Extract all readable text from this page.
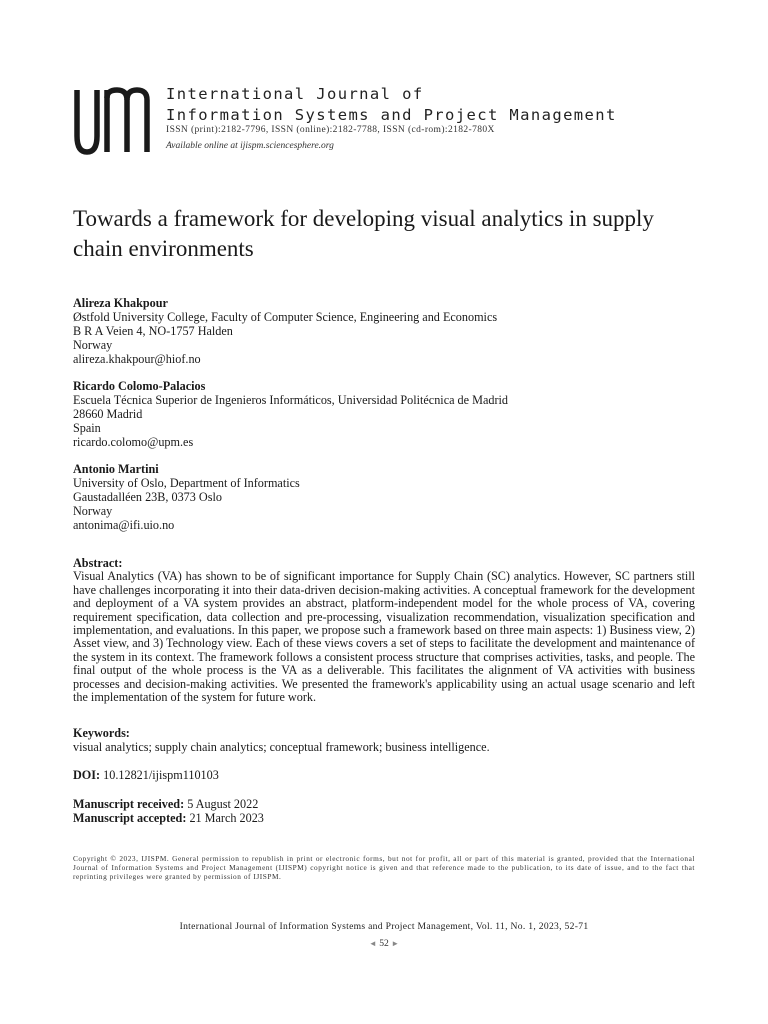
International Journal of
Information Systems and Project Management
ISSN (print):2182-7796, ISSN (online):2182-7788, ISSN (cd-rom):2182-780X
Available online at ijispm.sciencesphere.org
Towards a framework for developing visual analytics in supply chain environments
Alireza Khakpour
Østfold University College, Faculty of Computer Science, Engineering and Economics
B R A Veien 4, NO-1757 Halden
Norway
alireza.khakpour@hiof.no
Ricardo Colomo-Palacios
Escuela Técnica Superior de Ingenieros Informáticos, Universidad Politécnica de Madrid
28660 Madrid
Spain
ricardo.colomo@upm.es
Antonio Martini
University of Oslo, Department of Informatics
Gaustadalléen 23B, 0373 Oslo
Norway
antonima@ifi.uio.no
Abstract:
Visual Analytics (VA) has shown to be of significant importance for Supply Chain (SC) analytics. However, SC partners still have challenges incorporating it into their data-driven decision-making activities. A conceptual framework for the development and deployment of a VA system provides an abstract, platform-independent model for the whole process of VA, covering requirement specification, data collection and pre-processing, visualization recommendation, visualization specification and implementation, and evaluations. In this paper, we propose such a framework based on three main aspects: 1) Business view, 2) Asset view, and 3) Technology view. Each of these views covers a set of steps to facilitate the development and maintenance of the system in its context. The framework follows a consistent process structure that comprises activities, tasks, and people. The final output of the whole process is the VA as a deliverable. This facilitates the alignment of VA activities with business processes and decision-making activities. We presented the framework's applicability using an actual usage scenario and left the implementation of the system for future work.
Keywords:
visual analytics; supply chain analytics; conceptual framework; business intelligence.
DOI: 10.12821/ijispm110103
Manuscript received: 5 August 2022
Manuscript accepted: 21 March 2023
Copyright © 2023, IJISPM. General permission to republish in print or electronic forms, but not for profit, all or part of this material is granted, provided that the International Journal of Information Systems and Project Management (IJISPM) copyright notice is given and that reference made to the publication, to its date of issue, and to the fact that reprinting privileges were granted by permission of IJISPM.
International Journal of Information Systems and Project Management, Vol. 11, No. 1, 2023, 52-71
◄ 52 ►
